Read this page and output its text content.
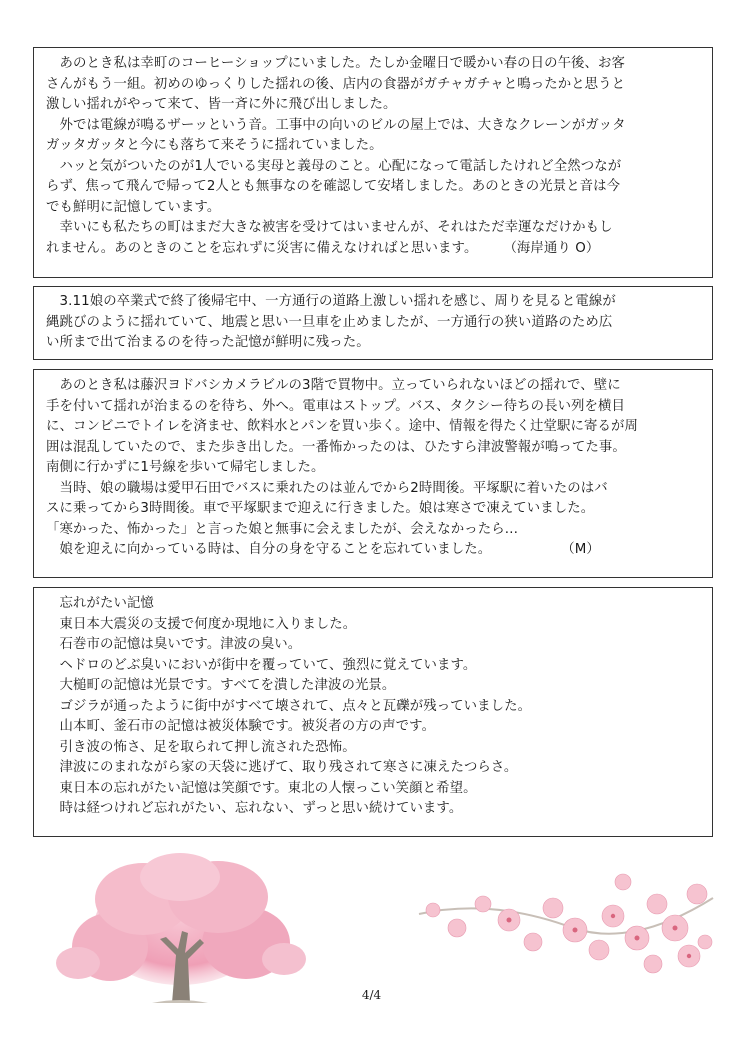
　あのとき私は幸町のコーヒーショップにいました。たしか金曜日で暖かい春の日の午後、お客

さんがもう一組。初めのゆっくりした揺れの後、店内の食器がガチャガチャと鳴ったかと思うと

激しい揺れがやって来て、皆一斉に外に飛び出しました。

　外では電線が鳴るザーッという音。工事中の向いのビルの屋上では、大きなクレーンがガッタ

ガッタガッタと今にも落ちて来そうに揺れていました。

　ハッと気がついたのが1人でいる実母と義母のこと。心配になって電話したけれど全然つなが

らず、焦って飛んで帰って2人とも無事なのを確認して安堵しました。あのときの光景と音は今

でも鮮明に記憶しています。

　幸いにも私たちの町はまだ大きな被害を受けてはいませんが、それはただ幸運なだけかもし

れません。あのときのことを忘れずに災害に備えなければと思います。 （海岸通り O）

　3.11娘の卒業式で終了後帰宅中、一方通行の道路上激しい揺れを感じ、周りを見ると電線が

縄跳びのように揺れていて、地震と思い一旦車を止めましたが、一方通行の狭い道路のため広

い所まで出て治まるのを待った記憶が鮮明に残った。

　あのとき私は藤沢ヨドバシカメラビルの3階で買物中。立っていられないほどの揺れで、壁に

手を付いて揺れが治まるのを待ち、外へ。電車はストップ。バス、タクシー待ちの長い列を横目

に、コンビニでトイレを済ませ、飲料水とパンを買い歩く。途中、情報を得たく辻堂駅に寄るが周

囲は混乱していたので、また歩き出した。一番怖かったのは、ひたすら津波警報が鳴ってた事。

南側に行かずに1号線を歩いて帰宅しました。

　当時、娘の職場は愛甲石田でバスに乗れたのは並んでから2時間後。平塚駅に着いたのはバ

スに乗ってから3時間後。車で平塚駅まで迎えに行きました。娘は寒さで凍えていました。

「寒かった、怖かった」と言った娘と無事に会えましたが、会えなかったら…

　娘を迎えに向かっている時は、自分の身を守ることを忘れていました。	（M）

　忘れがたい記憶

　東日本大震災の支援で何度か現地に入りました。

　石巻市の記憶は臭いです。津波の臭い。

　ヘドロのどぶ臭いにおいが街中を覆っていて、強烈に覚えています。

　大槌町の記憶は光景です。すべてを潰した津波の光景。

　ゴジラが通ったように街中がすべて壊されて、点々と瓦礫が残っていました。

　山本町、釜石市の記憶は被災体験です。被災者の方の声です。

　引き波の怖さ、足を取られて押し流された恐怖。

　津波にのまれながら家の天袋に逃げて、取り残されて寒さに凍えたつらさ。

　東日本の忘れがたい記憶は笑顔です。東北の人懐っこい笑顔と希望。

　時は経つけれど忘れがたい、忘れない、ずっと思い続けています。

4/4
